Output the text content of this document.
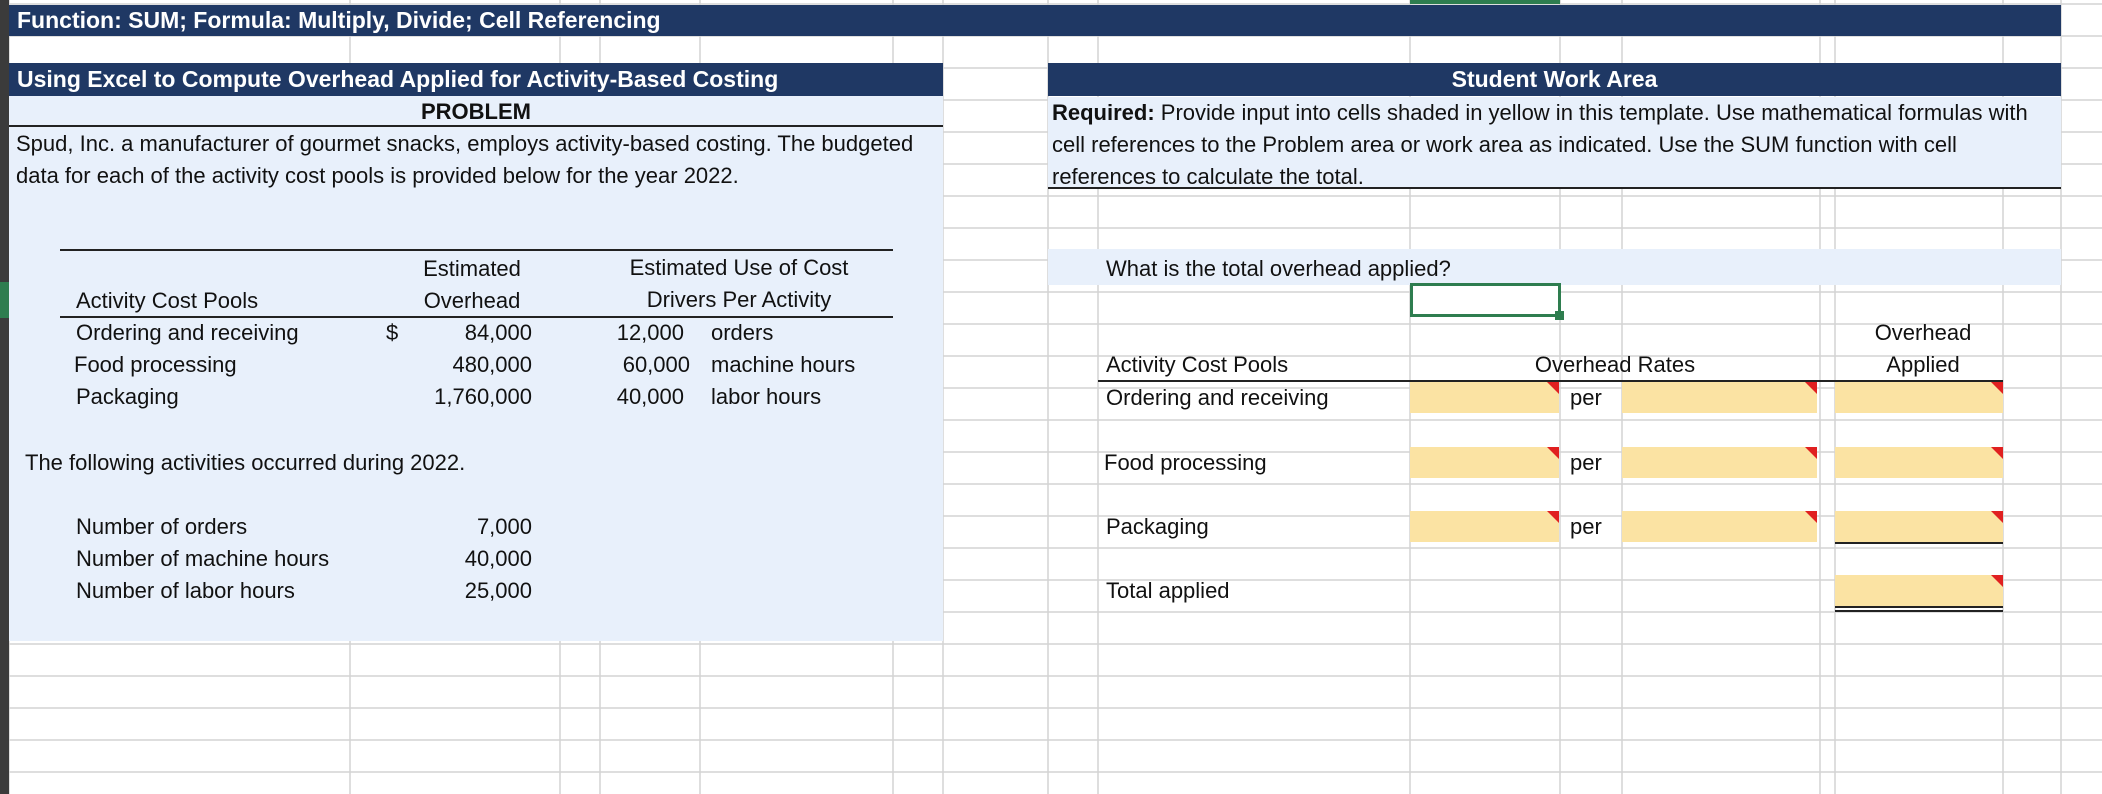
Function: SUM; Formula: Multiply, Divide; Cell Referencing
Using Excel to Compute Overhead Applied for Activity-Based Costing
PROBLEM
Spud, Inc. a manufacturer of gourmet snacks, employs activity-based costing. The budgeted data for each of the activity cost pools is provided below for the year 2022.
Estimated
Overhead
Estimated Use of Cost
Drivers Per Activity
Activity Cost Pools
$
Ordering and receiving	84,000	12,000 orders
Food processing	480,000	60,000 machine hours
Packaging	1,760,000	40,000 labor hours
The following activities occurred during 2022.
Number of orders	7,000
Number of machine hours	40,000
Number of labor hours	25,000
Student Work Area
Required: Provide input into cells shaded in yellow in this template. Use mathematical formulas with cell references to the Problem area or work area as indicated. Use the SUM function with cell references to calculate the total.
What is the total overhead applied?
Overhead
Applied
Activity Cost Pools	Overhead Rates
Ordering and receiving	per
Food processing	per
Packaging	per
Total applied
